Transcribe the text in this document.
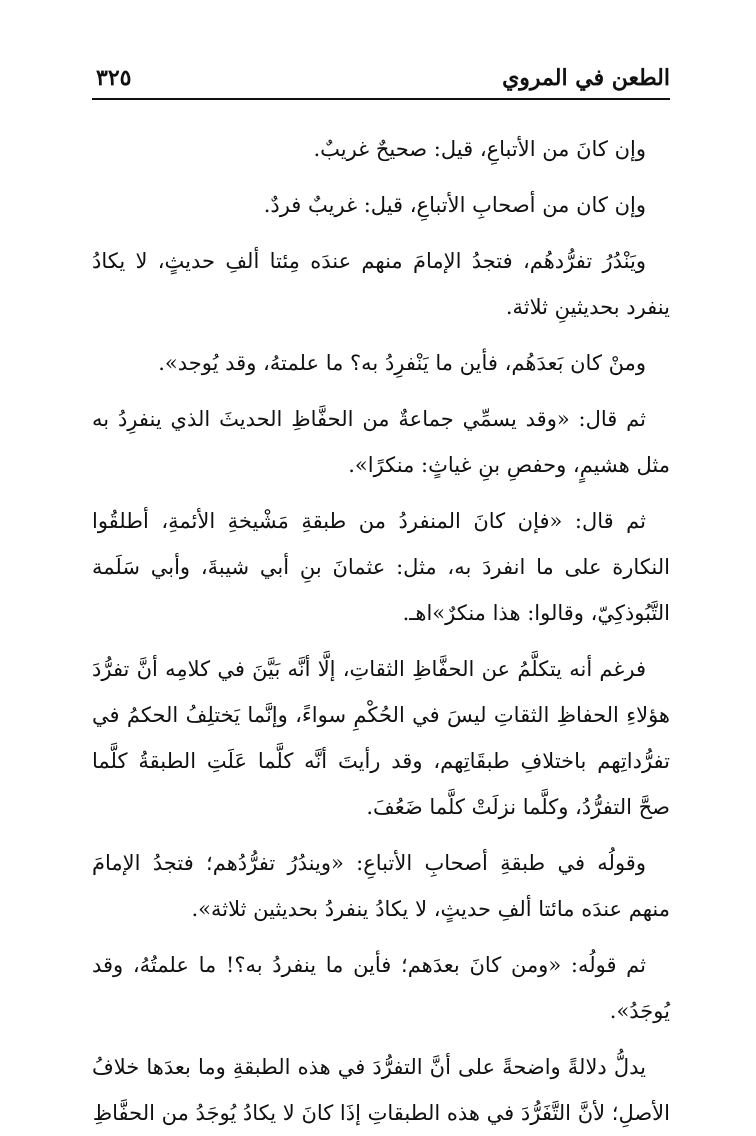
الطعن في المروي
٣٢٥

وإن كانَ من الأتباعِ، قيل: صحيحٌ غريبٌ.

وإن كان من أصحابِ الأتباعِ، قيل: غريبٌ فردٌ.

ويَنْدُرُ تفرُّدهُم، فتجدُ الإمامَ منهم عندَه مِئتا ألفِ حديثٍ، لا يكادُ ينفرد بحديثينِ ثلاثة.

ومنْ كان بَعدَهُم، فأين ما يَنْفرِدُ به؟ ما علمتهُ، وقد يُوجد».

ثم قال: «وقد يسمِّي جماعةٌ من الحفَّاظِ الحديثَ الذي ينفرِدُ به مثل هشيمٍ، وحفصِ بنِ غياثٍ: منكرًا».

ثم قال: «فإن كانَ المنفردُ من طبقةِ مَشْيخةِ الأئمةِ، أطلقُوا النكارة على ما انفردَ به، مثل: عثمانَ بنِ أبي شيبةَ، وأبي سَلَمة التَّبُوذكِيّ، وقالوا: هذا منكرٌ»اهـ.

فرغم أنه يتكلَّمُ عن الحفَّاظِ الثقاتِ، إلَّا أنَّه بَيَّنَ في كلامِه أنَّ تفرُّدَ هؤلاءِ الحفاظِ الثقاتِ ليسَ في الحُكْمِ سواءً، وإنَّما يَختلِفُ الحكمُ في تفرُّداتِهم باختلافِ طبقَاتِهم، وقد رأيتَ أنَّه كلَّما عَلَتِ الطبقةُ كلَّما صحَّ التفرُّدُ، وكلَّما نزلَتْ كلَّما ضَعُفَ.

وقولُه في طبقةِ أصحابِ الأتباعِ: «ويندُرُ تفرُّدُهم؛ فتجدُ الإمامَ منهم عندَه مائتا ألفِ حديثٍ، لا يكادُ ينفردُ بحديثين ثلاثة».

ثم قولُه: «ومن كانَ بعدَهم؛ فأين ما ينفردُ به؟! ما علمتُهُ، وقد يُوجَدُ».

يدلُّ دلالةً واضحةً على أنَّ التفرُّدَ في هذه الطبقةِ وما بعدَها خلافُ الأصلِ؛ لأنَّ التَّفَرُّدَ في هذه الطبقاتِ إذَا كانَ لا يكادُ يُوجَدُ من الحفَّاظِ
